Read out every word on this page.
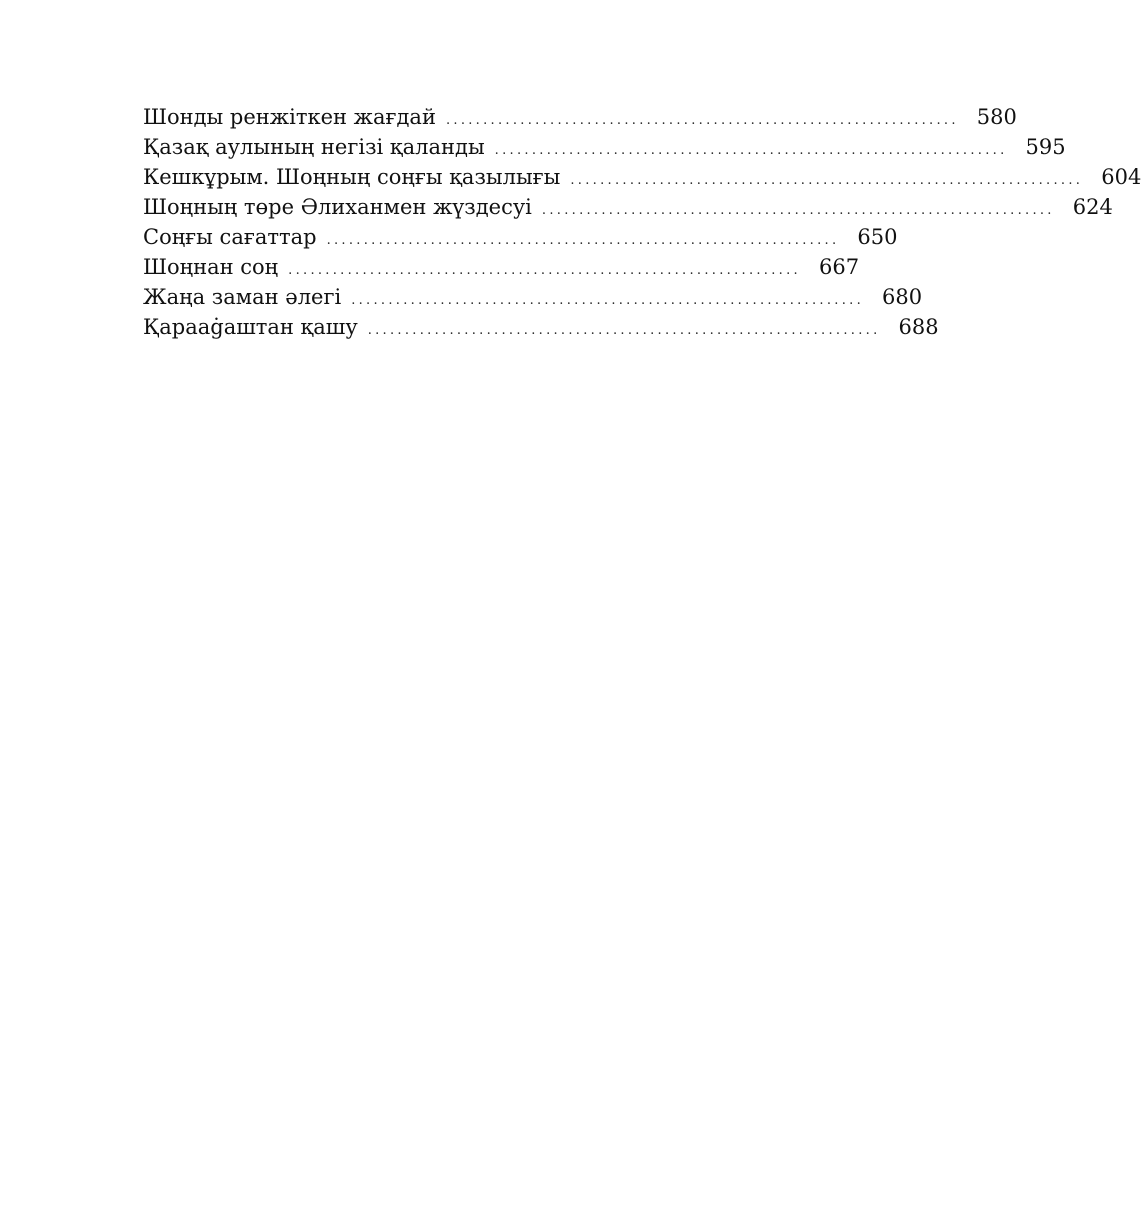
Шонды ренжіткен жағдай ..................................................................... 580
Қазақ аулының негізі қаланды ..................................................................... 595
Кешкұрым. Шоңның соңғы қазылығы ..................................................................... 604
Шоңның төре Әлиханмен жүздесуі ..................................................................... 624
Соңғы сағаттар ..................................................................... 650
Шоңнан соң ..................................................................... 667
Жаңа заман әлегі ..................................................................... 680
Қарааġаштан қашу ..................................................................... 688
